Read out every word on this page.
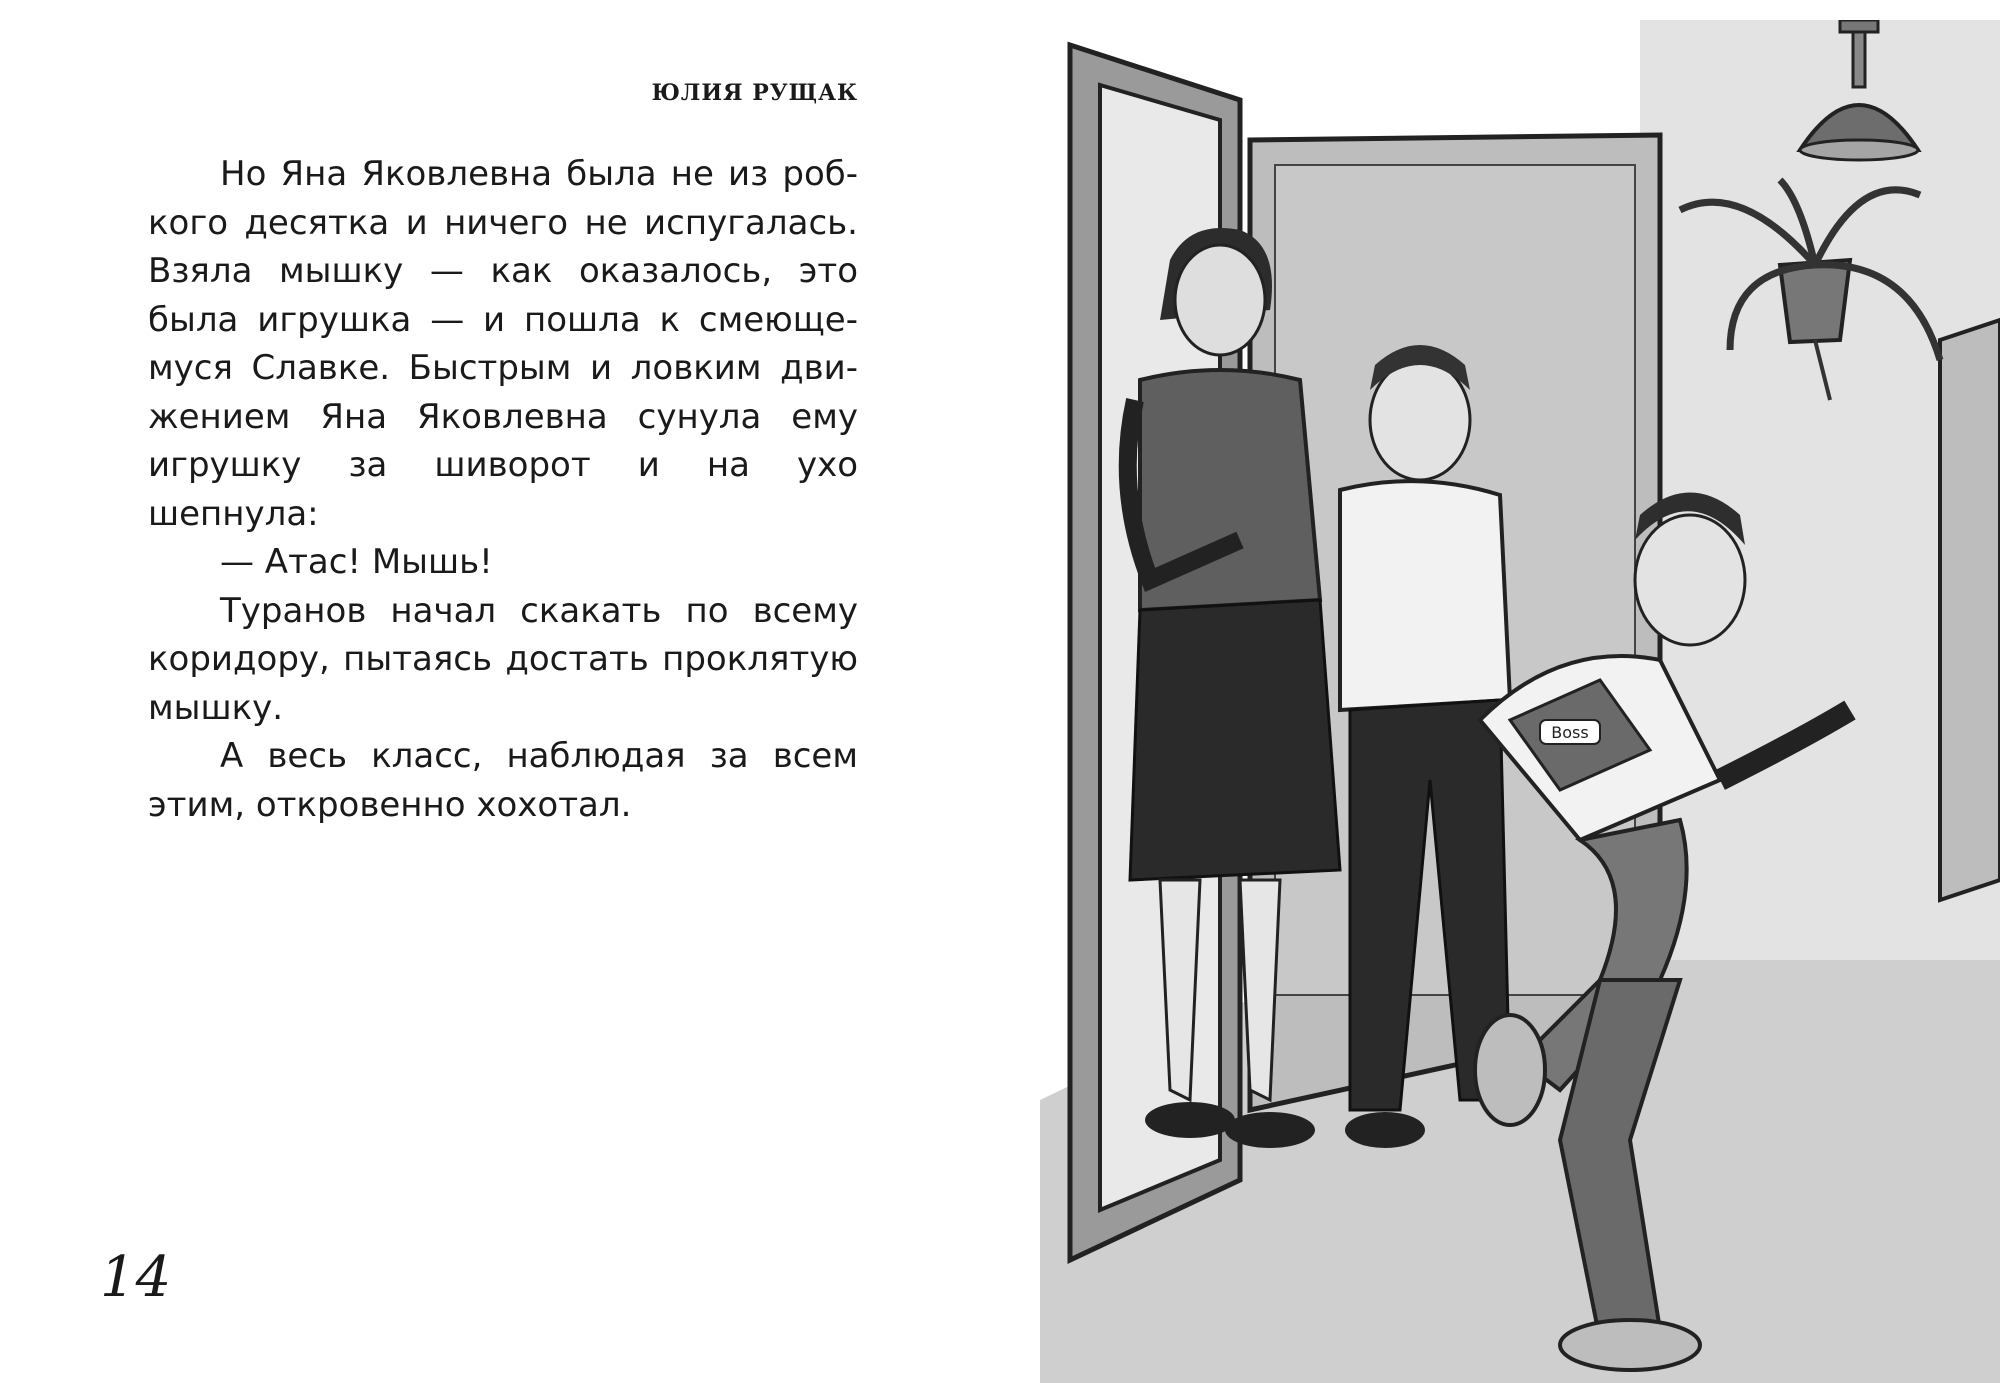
ЮЛИЯ РУЩАК

Но Яна Яковлевна была не из роб-кого десятка и ничего не испугалась. Взяла мышку — как оказалось, это была игрушка — и пошла к смеюще-муся Славке. Быстрым и ловким дви-жением Яна Яковлевна сунула ему игрушку за шиворот и на ухо шепнула:

— Атас! Мышь!

Туранов начал скакать по всему коридору, пытаясь достать проклятую мышку.

А весь класс, наблюдая за всем этим, откровенно хохотал.

14
Boss
